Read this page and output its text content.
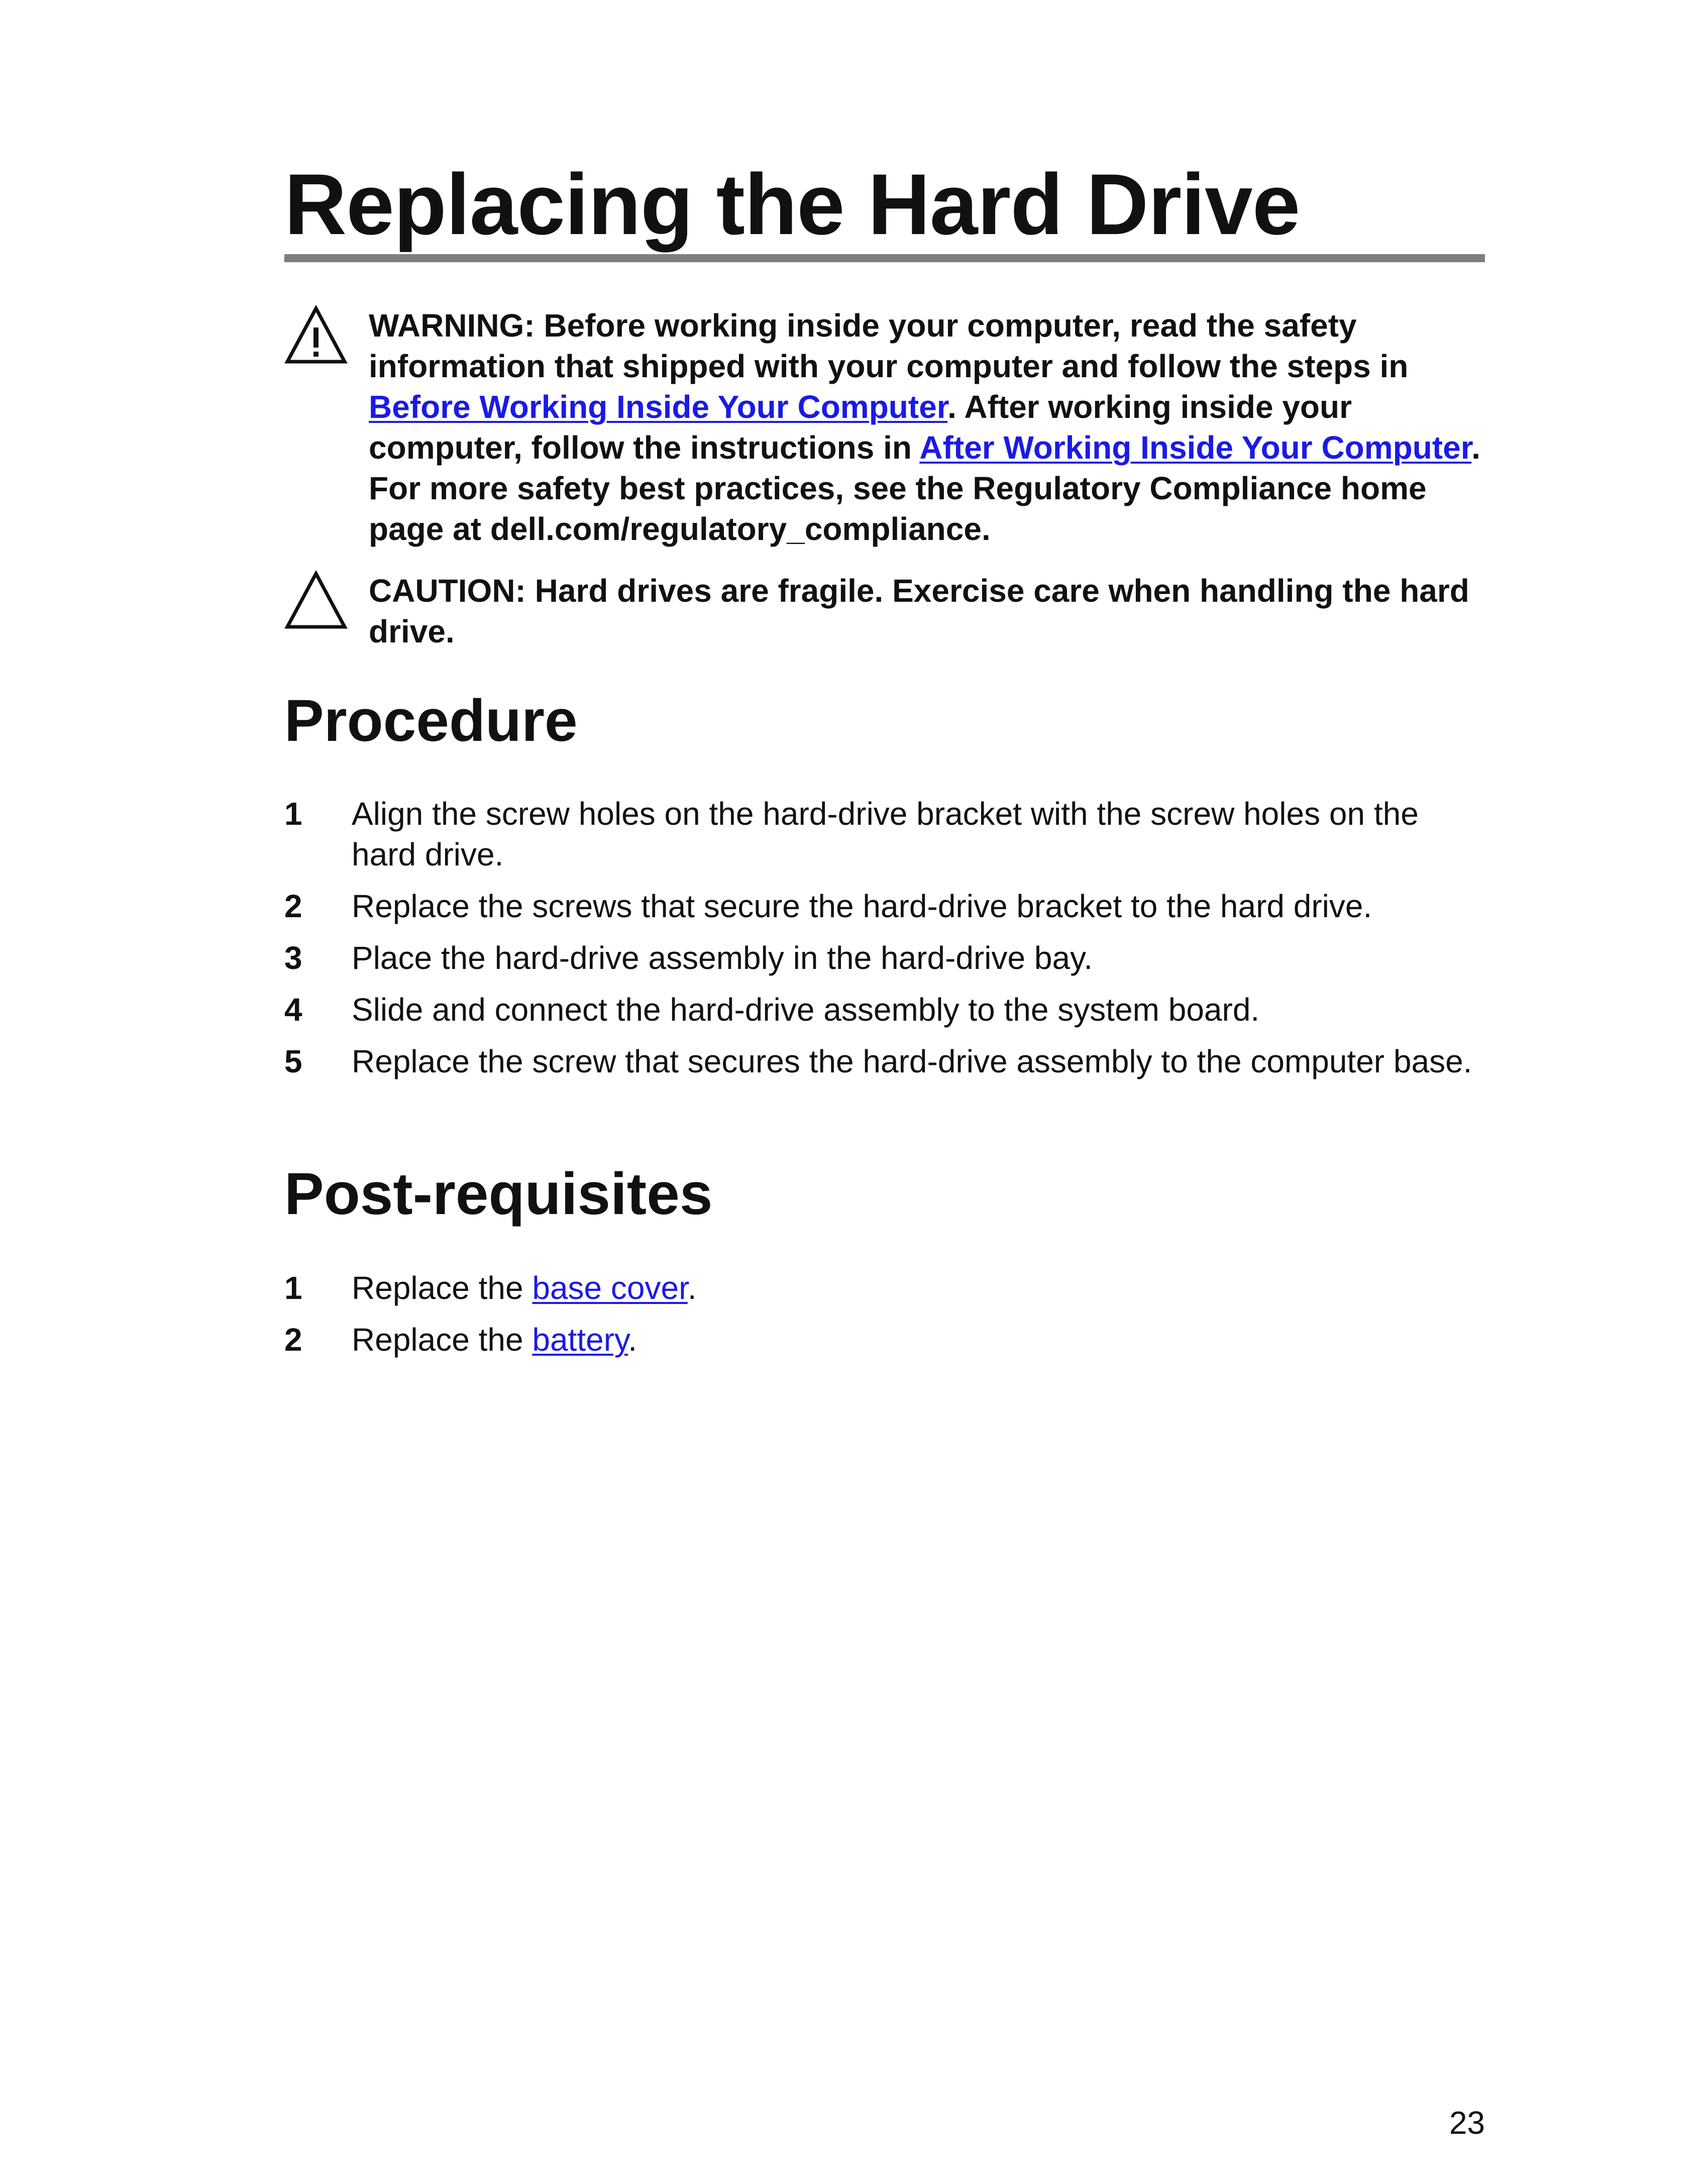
Replacing the Hard Drive

WARNING: Before working inside your computer, read the safety information that shipped with your computer and follow the steps in Before Working Inside Your Computer. After working inside your computer, follow the instructions in After Working Inside Your Computer. For more safety best practices, see the Regulatory Compliance home page at dell.com/regulatory_compliance.

CAUTION: Hard drives are fragile. Exercise care when handling the hard drive.

Procedure
1 Align the screw holes on the hard-drive bracket with the screw holes on the hard drive.
2 Replace the screws that secure the hard-drive bracket to the hard drive.
3 Place the hard-drive assembly in the hard-drive bay.
4 Slide and connect the hard-drive assembly to the system board.
5 Replace the screw that secures the hard-drive assembly to the computer base.
Post-requisites
1 Replace the base cover.
2 Replace the battery.
23
